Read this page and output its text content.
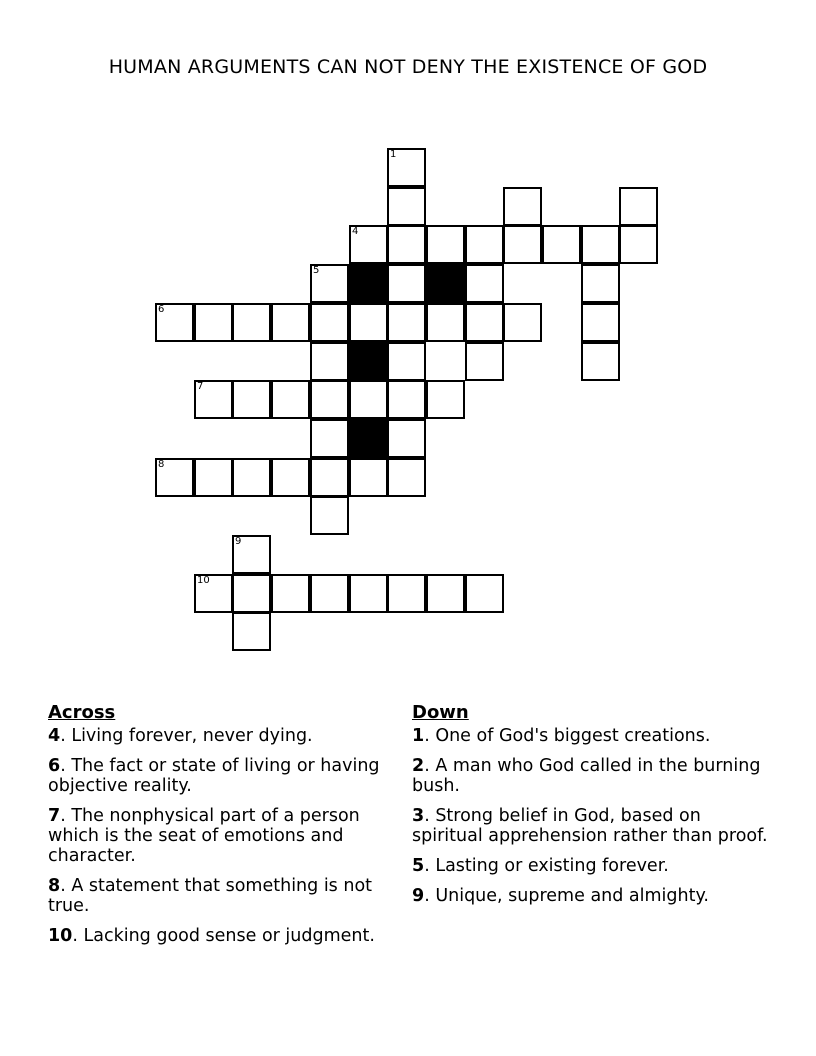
HUMAN ARGUMENTS CAN NOT DENY THE EXISTENCE OF GOD
1
4
5
6
7
8
9
10
Across
4. Living forever, never dying.
6. The fact or state of living or having objective reality.
7. The nonphysical part of a person which is the seat of emotions and character.
8. A statement that something is not true.
10. Lacking good sense or judgment.
Down
1. One of God's biggest creations.
2. A man who God called in the burning bush.
3. Strong belief in God, based on spiritual apprehension rather than proof.
5. Lasting or existing forever.
9. Unique, supreme and almighty.
